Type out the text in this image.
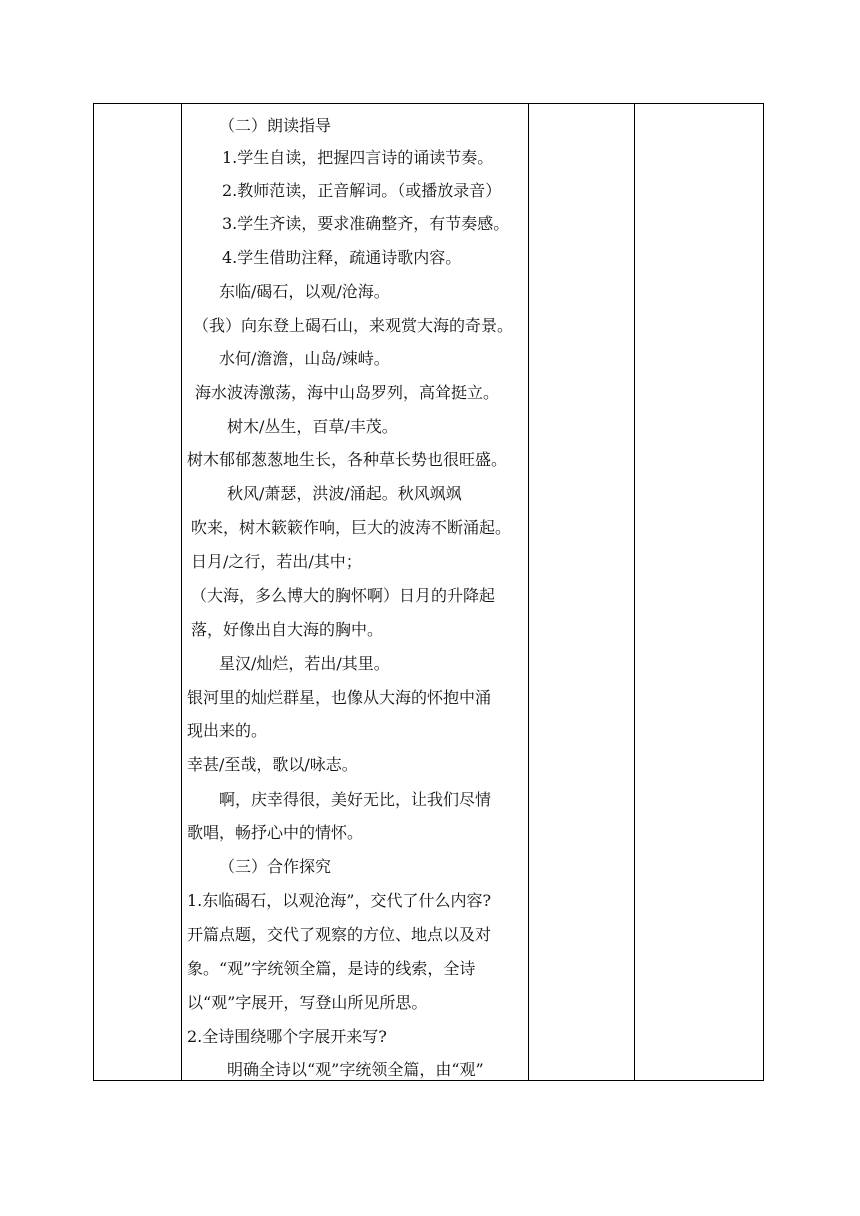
（二）朗读指导
1.学生自读，把握四言诗的诵读节奏。
2.教师范读，正音解词。（或播放录音）
3.学生齐读，要求准确整齐，有节奏感。
4.学生借助注释，疏通诗歌内容。
东临/碣石，以观/沧海。
（我）向东登上碣石山，来观赏大海的奇景。
水何/澹澹，山岛/竦峙。
海水波涛激荡，海中山岛罗列，高耸挺立。
树木/丛生，百草/丰茂。
树木郁郁葱葱地生长，各种草长势也很旺盛。
秋风/萧瑟，洪波/涌起。秋风飒飒
吹来，树木簌簌作响，巨大的波涛不断涌起。
日月/之行，若出/其中；
（大海，多么博大的胸怀啊）日月的升降起
落，好像出自大海的胸中。
星汉/灿烂，若出/其里。
银河里的灿烂群星，也像从大海的怀抱中涌
现出来的。
幸甚/至哉，歌以/咏志。
啊，庆幸得很，美好无比，让我们尽情
歌唱，畅抒心中的情怀。
（三）合作探究
1.东临碣石，以观沧海”，交代了什么内容?
开篇点题，交代了观察的方位、地点以及对
象。“观”字统领全篇，是诗的线索，全诗
以“观”字展开，写登山所见所思。
2.全诗围绕哪个字展开来写?
明确全诗以“观”字统领全篇，由“观”
